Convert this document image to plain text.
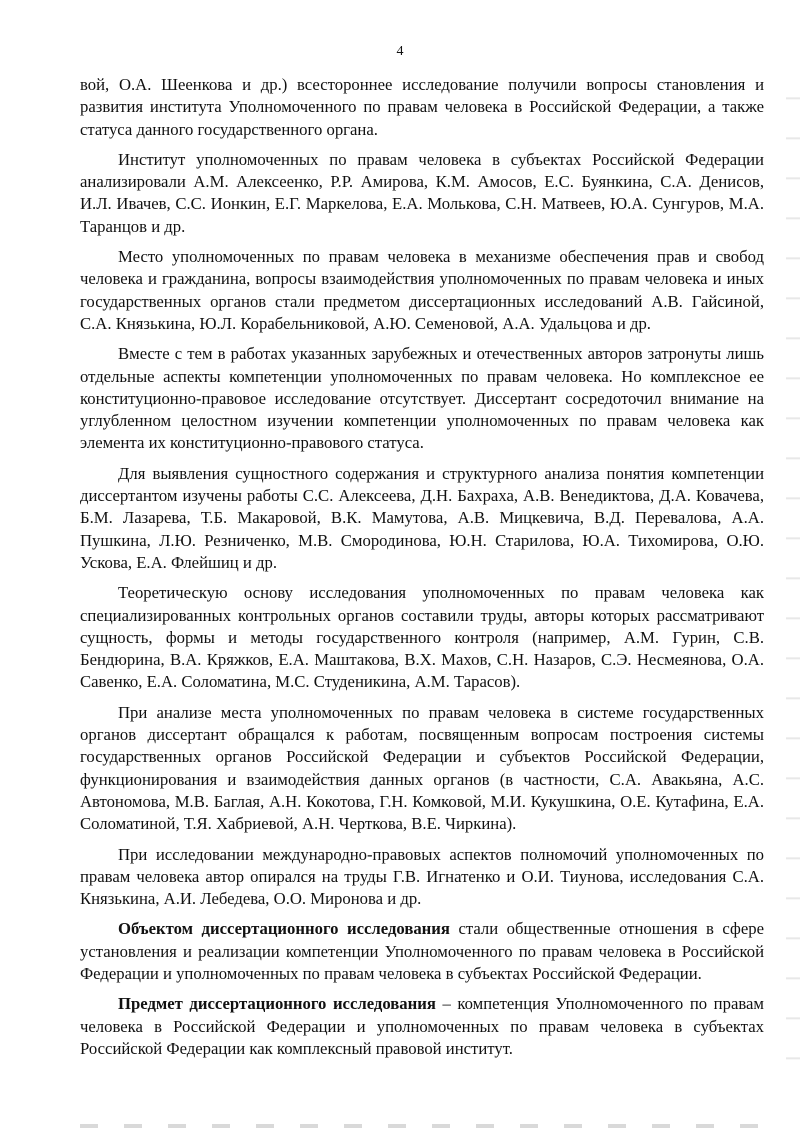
4

вой, О.А. Шеенкова и др.) всестороннее исследование получили вопросы становления и развития института Уполномоченного по правам человека в Российской Федерации, а также статуса данного государственного органа.

Институт уполномоченных по правам человека в субъектах Российской Федерации анализировали А.М. Алексеенко, Р.Р. Амирова, К.М. Амосов, Е.С. Буянкина, С.А. Денисов, И.Л. Ивачев, С.С. Ионкин, Е.Г. Маркелова, Е.А. Молькова, С.Н. Матвеев, Ю.А. Сунгуров, М.А. Таранцов и др.

Место уполномоченных по правам человека в механизме обеспечения прав и свобод человека и гражданина, вопросы взаимодействия уполномоченных по правам человека и иных государственных органов стали предметом диссертационных исследований А.В. Гайсиной, С.А. Князькина, Ю.Л. Корабельниковой, А.Ю. Семеновой, А.А. Удальцова и др.

Вместе с тем в работах указанных зарубежных и отечественных авторов затронуты лишь отдельные аспекты компетенции уполномоченных по правам человека. Но комплексное ее конституционно-правовое исследование отсутствует. Диссертант сосредоточил внимание на углубленном целостном изучении компетенции уполномоченных по правам человека как элемента их конституционно-правового статуса.

Для выявления сущностного содержания и структурного анализа понятия компетенции диссертантом изучены работы С.С. Алексеева, Д.Н. Бахраха, А.В. Венедиктова, Д.А. Ковачева, Б.М. Лазарева, Т.Б. Макаровой, В.К. Мамутова, А.В. Мицкевича, В.Д. Перевалова, А.А. Пушкина, Л.Ю. Резниченко, М.В. Смородинова, Ю.Н. Старилова, Ю.А. Тихомирова, О.Ю. Ускова, Е.А. Флейшиц и др.

Теоретическую основу исследования уполномоченных по правам человека как специализированных контрольных органов составили труды, авторы которых рассматривают сущность, формы и методы государственного контроля (например, А.М. Гурин, С.В. Бендюрина, В.А. Кряжков, Е.А. Маштакова, В.Х. Махов, С.Н. Назаров, С.Э. Несмеянова, О.А. Савенко, Е.А. Соломатина, М.С. Студеникина, А.М. Тарасов).

При анализе места уполномоченных по правам человека в системе государственных органов диссертант обращался к работам, посвященным вопросам построения системы государственных органов Российской Федерации и субъектов Российской Федерации, функционирования и взаимодействия данных органов (в частности, С.А. Авакьяна, А.С. Автономова, М.В. Баглая, А.Н. Кокотова, Г.Н. Комковой, М.И. Кукушкина, О.Е. Кутафина, Е.А. Соломатиной, Т.Я. Хабриевой, А.Н. Черткова, В.Е. Чиркина).

При исследовании международно-правовых аспектов полномочий уполномоченных по правам человека автор опирался на труды Г.В. Игнатенко и О.И. Тиунова, исследования С.А. Князькина, А.И. Лебедева, О.О. Миронова и др.

Объектом диссертационного исследования стали общественные отношения в сфере установления и реализации компетенции Уполномоченного по правам человека в Российской Федерации и уполномоченных по правам человека в субъектах Российской Федерации.

Предмет диссертационного исследования – компетенция Уполномоченного по правам человека в Российской Федерации и уполномоченных по правам человека в субъектах Российской Федерации как комплексный правовой институт.
